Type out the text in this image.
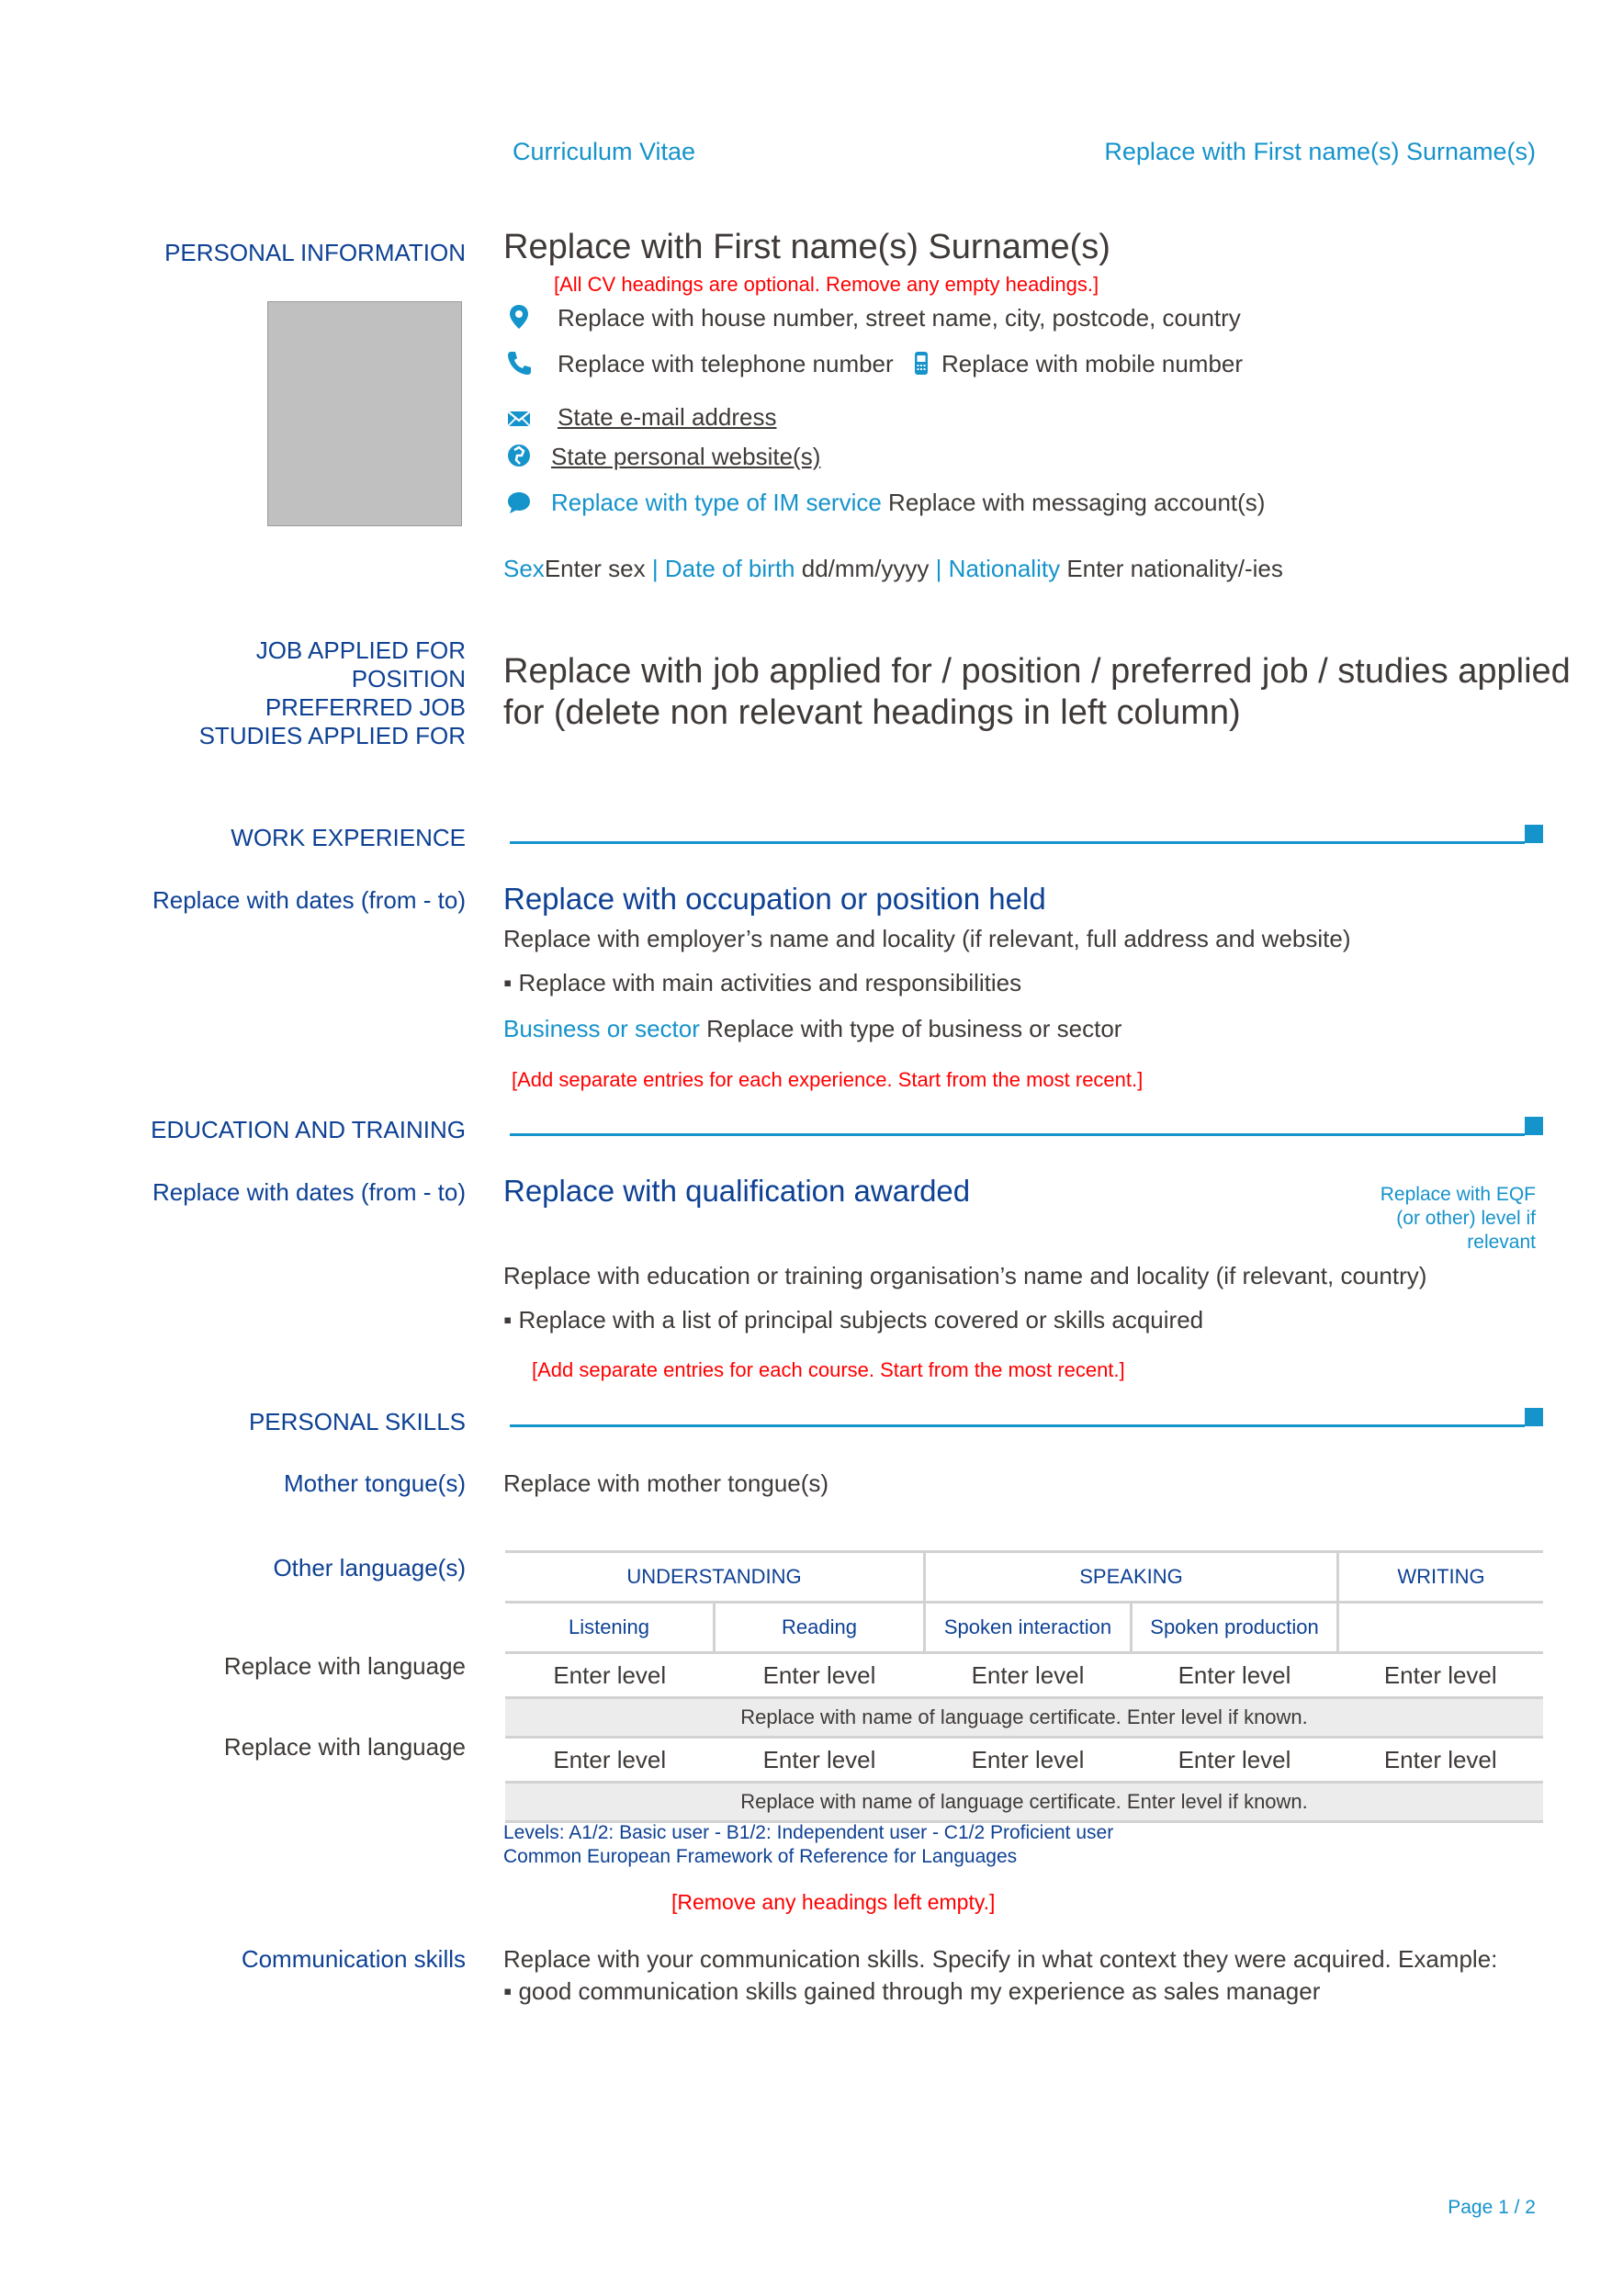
Curriculum Vitae	Replace with First name(s) Surname(s)
PERSONAL INFORMATION Replace with First name(s) Surname(s)
[All CV headings are optional. Remove any empty headings.]
Replace with house number, street name, city, postcode, country
Replace with telephone number Replace with mobile number
State e-mail address
State personal website(s)
Replace with type of IM service Replace with messaging account(s)
SexEnter sex | Date of birth dd/mm/yyyy | Nationality Enter nationality/-ies
JOB APPLIED FOR
POSITION
PREFERRED JOB
STUDIES APPLIED FOR
Replace with job applied for / position / preferred job / studies applied
for (delete non relevant headings in left column)
WORK EXPERIENCE
Replace with dates (from - to) Replace with occupation or position held
Replace with employer’s name and locality (if relevant, full address and website)
▪ Replace with main activities and responsibilities
Business or sector Replace with type of business or sector
[Add separate entries for each experience. Start from the most recent.]
EDUCATION AND TRAINING
Replace with dates (from - to) Replace with qualification awarded	Replace with EQF
(or other) level if
relevant
Replace with education or training organisation’s name and locality (if relevant, country)
▪ Replace with a list of principal subjects covered or skills acquired
[Add separate entries for each course. Start from the most recent.]
PERSONAL SKILLS
Mother tongue(s) Replace with mother tongue(s)
Other language(s)
Replace with language
Replace with language
UNDERSTANDING		SPEAKING		WRITING
Listening	Reading	Spoken interaction	Spoken production	
Enter level	Enter level	Enter level	Enter level	Enter level
Replace with name of language certificate. Enter level if known.				
Enter level	Enter level	Enter level	Enter level	Enter level
Replace with name of language certificate. Enter level if known.				
Levels: A1/2: Basic user - B1/2: Independent user - C1/2 Proficient user
Common European Framework of Reference for Languages
[Remove any headings left empty.]
Communication skills Replace with your communication skills. Specify in what context they were acquired. Example:
▪ good communication skills gained through my experience as sales manager
Page 1 / 2
